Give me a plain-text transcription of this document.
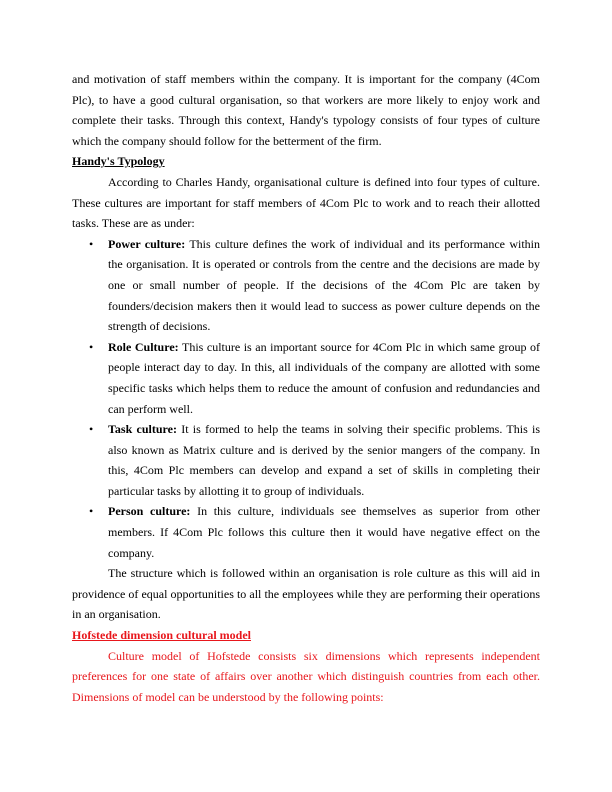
and motivation of staff members within the company. It is important for the company (4Com Plc), to have a good cultural organisation, so that workers are more likely to enjoy work and complete their tasks. Through this context, Handy's typology consists of four types of culture which the company should follow for the betterment of the firm.

Handy's Typology

According to Charles Handy, organisational culture is defined into four types of culture. These cultures are important for staff members of 4Com Plc to work and to reach their allotted tasks. These are as under:

• Power culture: This culture defines the work of individual and its performance within the organisation. It is operated or controls from the centre and the decisions are made by one or small number of people. If the decisions of the 4Com Plc are taken by founders/decision makers then it would lead to success as power culture depends on the strength of decisions.
• Role Culture: This culture is an important source for 4Com Plc in which same group of people interact day to day. In this, all individuals of the company are allotted with some specific tasks which helps them to reduce the amount of confusion and redundancies and can perform well.
• Task culture: It is formed to help the teams in solving their specific problems. This is also known as Matrix culture and is derived by the senior mangers of the company. In this, 4Com Plc members can develop and expand a set of skills in completing their particular tasks by allotting it to group of individuals.
• Person culture: In this culture, individuals see themselves as superior from other members. If 4Com Plc follows this culture then it would have negative effect on the company.

The structure which is followed within an organisation is role culture as this will aid in providence of equal opportunities to all the employees while they are performing their operations in an organisation.

Hofstede dimension cultural model

Culture model of Hofstede consists six dimensions which represents independent preferences for one state of affairs over another which distinguish countries from each other. Dimensions of model can be understood by the following points:
